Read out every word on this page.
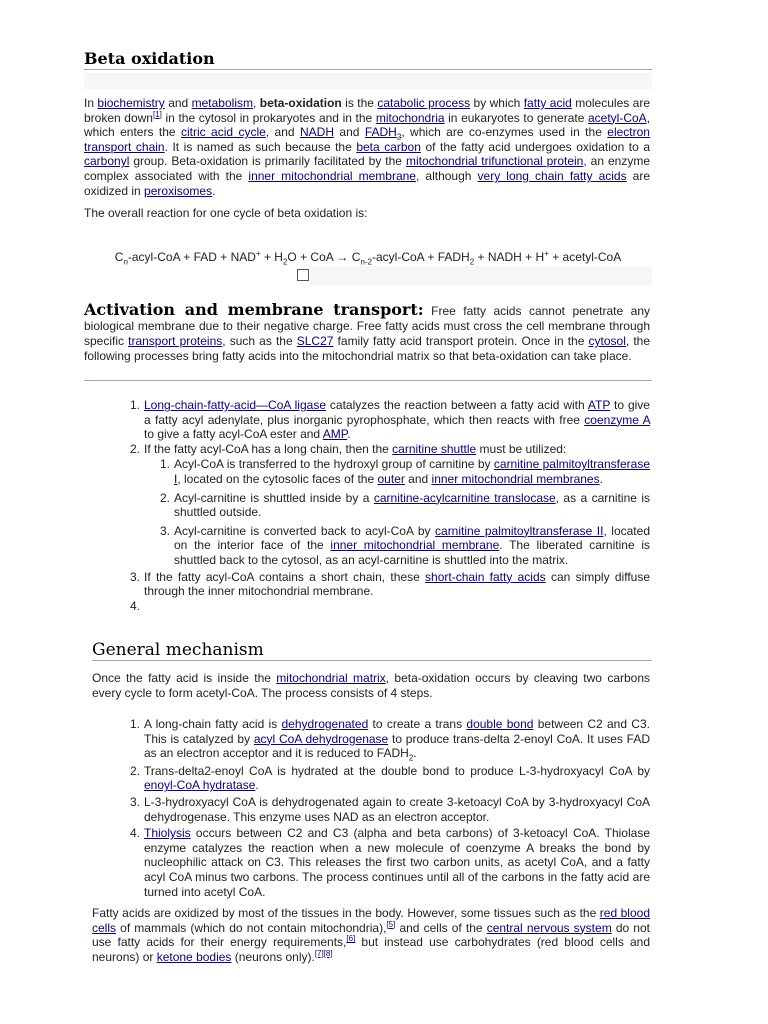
Beta oxidation
In biochemistry and metabolism, beta-oxidation is the catabolic process by which fatty acid molecules are broken down[1] in the cytosol in prokaryotes and in the mitochondria in eukaryotes to generate acetyl-CoA, which enters the citric acid cycle, and NADH and $FADH_2$, which are co-enzymes used in the electron transport chain. It is named as such because the beta carbon of the fatty acid undergoes oxidation to a carbonyl group. Beta-oxidation is primarily facilitated by the mitochondrial trifunctional protein, an enzyme complex associated with the inner mitochondrial membrane, although very long chain fatty acids are oxidized in peroxisomes.
The overall reaction for one cycle of beta oxidation is:
$C_n-acyl$-CoA + FAD + $NAD^+ + H_2O$ + CoA → $C_{n-2}-acyl$-CoA + $FADH_2$ + NADH + H+ + acetyl-CoA
Activation and membrane transport: Free fatty acids cannot penetrate any biological membrane due to their negative charge. Free fatty acids must cross the cell membrane through specific transport proteins, such as the SLC27 family fatty acid transport protein. Once in the cytosol, the following processes bring fatty acids into the mitochondrial matrix so that beta-oxidation can take place.
1. Long-chain-fatty-acid—CoA ligase catalyzes the reaction between a fatty acid with ATP to give a fatty acyl adenylate, plus inorganic pyrophosphate, which then reacts with free coenzyme A to give a fatty acyl-CoA ester and AMP.
2. If the fatty acyl-CoA has a long chain, then the carnitine shuttle must be utilized:
1. Acyl-CoA is transferred to the hydroxyl group of carnitine by carnitine palmitoyltransferase I, located on the cytosolic faces of the outer and inner mitochondrial membranes.
2. Acyl-carnitine is shuttled inside by a carnitine-acylcarnitine translocase, as a carnitine is shuttled outside.
3. Acyl-carnitine is converted back to acyl-CoA by carnitine palmitoyltransferase II, located on the interior face of the inner mitochondrial membrane. The liberated carnitine is shuttled back to the cytosol, as an acyl-carnitine is shuttled into the matrix.
3. If the fatty acyl-CoA contains a short chain, these short-chain fatty acids can simply diffuse through the inner mitochondrial membrane.
4.
General mechanism
Once the fatty acid is inside the mitochondrial matrix, beta-oxidation occurs by cleaving two carbons every cycle to form acetyl-CoA. The process consists of 4 steps.
1. A long-chain fatty acid is dehydrogenated to create a trans double bond between C2 and C3. This is catalyzed by acyl CoA dehydrogenase to produce trans-delta 2-enoyl CoA. It uses FAD as an electron acceptor and it is reduced to $FADH_2$.
2. Trans-delta2-enoyl CoA is hydrated at the double bond to produce L-3-hydroxyacyl CoA by enoyl-CoA hydratase.
3. L-3-hydroxyacyl CoA is dehydrogenated again to create 3-ketoacyl CoA by 3-hydroxyacyl CoA dehydrogenase. This enzyme uses NAD as an electron acceptor.
4. Thiolysis occurs between C2 and C3 (alpha and beta carbons) of 3-ketoacyl CoA. Thiolase enzyme catalyzes the reaction when a new molecule of coenzyme A breaks the bond by nucleophilic attack on C3. This releases the first two carbon units, as acetyl CoA, and a fatty acyl CoA minus two carbons. The process continues until all of the carbons in the fatty acid are turned into acetyl CoA.
Fatty acids are oxidized by most of the tissues in the body. However, some tissues such as the red blood cells of mammals (which do not contain mitochondria),[5] and cells of the central nervous system do not use fatty acids for their energy requirements,[6] but instead use carbohydrates (red blood cells and neurons) or ketone bodies (neurons only).[7][8]
